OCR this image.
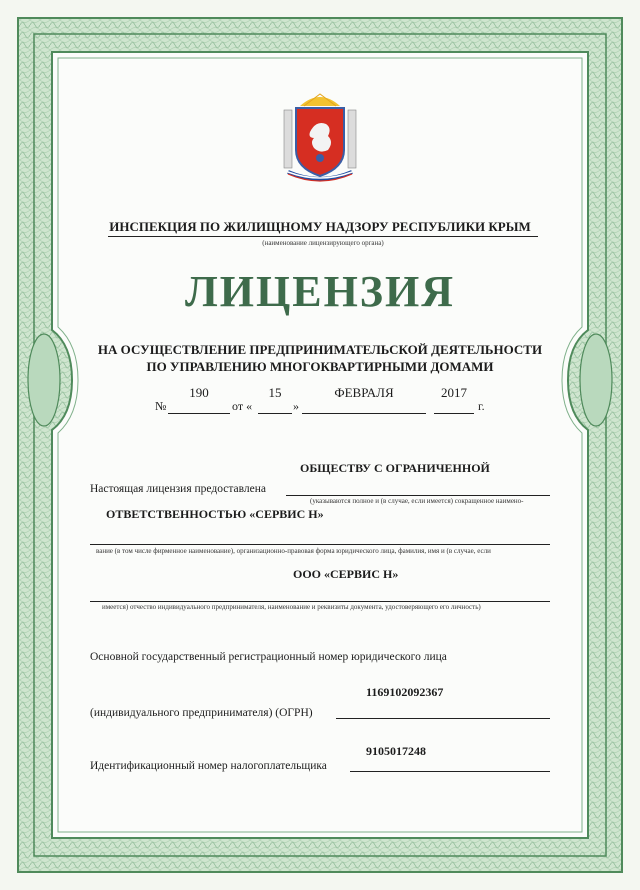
ИНСПЕКЦИЯ ПО ЖИЛИЩНОМУ НАДЗОРУ РЕСПУБЛИКИ КРЫМ
(наименование лицензирующего органа)
ЛИЦЕНЗИЯ
НА ОСУЩЕСТВЛЕНИЕ ПРЕДПРИНИМАТЕЛЬСКОЙ ДЕЯТЕЛЬНОСТИ
ПО УПРАВЛЕНИЮ МНОГОКВАРТИРНЫМИ ДОМАМИ
№
190
от «
15
»
ФЕВРАЛЯ	2017
г.
ОБЩЕСТВУ С ОГРАНИЧЕННОЙ
Настоящая лицензия предоставлена
(указываются полное и (в случае, если имеется) сокращенное наимено-
ОТВЕТСТВЕННОСТЬЮ «СЕРВИС Н»
вание (в том числе фирменное наименование), организационно-правовая форма юридического лица, фамилия, имя и (в случае, если
ООО «СЕРВИС Н»
имеется) отчество индивидуального предпринимателя, наименование и реквизиты документа, удостоверяющего его личность)
Основной государственный регистрационный номер юридического лица
1169102092367
(индивидуального предпринимателя) (ОГРН)
9105017248
Идентификационный номер налогоплательщика
